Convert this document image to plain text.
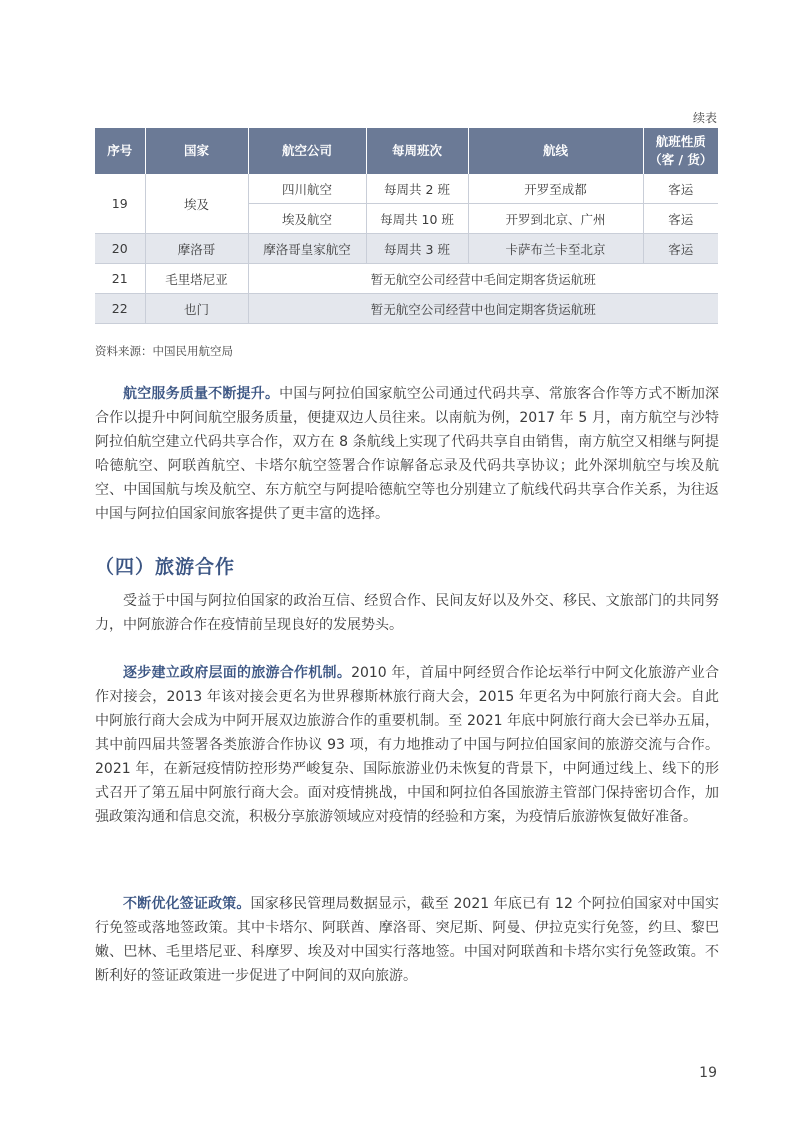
续表
序号	国家	航空公司	每周班次	航线	航班性质
（客 / 货）
19	埃及	四川航空	每周共 2 班	开罗至成都	客运
		埃及航空	每周共 10 班	开罗到北京、广州	客运
20	摩洛哥	摩洛哥皇家航空	每周共 3 班	卡萨布兰卡至北京	客运
21	毛里塔尼亚	暂无航空公司经营中毛间定期客货运航班			
22	也门	暂无航空公司经营中也间定期客货运航班			
资料来源：中国民用航空局

航空服务质量不断提升。中国与阿拉伯国家航空公司通过代码共享、常旅客合作等方式不断加深合作以提升中阿间航空服务质量，便捷双边人员往来。以南航为例，2017 年 5 月，南方航空与沙特阿拉伯航空建立代码共享合作，双方在 8 条航线上实现了代码共享自由销售，南方航空又相继与阿提哈德航空、阿联酋航空、卡塔尔航空签署合作谅解备忘录及代码共享协议；此外深圳航空与埃及航空、中国国航与埃及航空、东方航空与阿提哈德航空等也分别建立了航线代码共享合作关系，为往返中国与阿拉伯国家间旅客提供了更丰富的选择。

（四）旅游合作

受益于中国与阿拉伯国家的政治互信、经贸合作、民间友好以及外交、移民、文旅部门的共同努力，中阿旅游合作在疫情前呈现良好的发展势头。

逐步建立政府层面的旅游合作机制。2010 年，首届中阿经贸合作论坛举行中阿文化旅游产业合作对接会，2013 年该对接会更名为世界穆斯林旅行商大会，2015 年更名为中阿旅行商大会。自此中阿旅行商大会成为中阿开展双边旅游合作的重要机制。至 2021 年底中阿旅行商大会已举办五届，其中前四届共签署各类旅游合作协议 93 项，有力地推动了中国与阿拉伯国家间的旅游交流与合作。2021 年，在新冠疫情防控形势严峻复杂、国际旅游业仍未恢复的背景下，中阿通过线上、线下的形式召开了第五届中阿旅行商大会。面对疫情挑战，中国和阿拉伯各国旅游主管部门保持密切合作，加强政策沟通和信息交流，积极分享旅游领域应对疫情的经验和方案，为疫情后旅游恢复做好准备。

不断优化签证政策。国家移民管理局数据显示，截至 2021 年底已有 12 个阿拉伯国家对中国实行免签或落地签政策。其中卡塔尔、阿联酋、摩洛哥、突尼斯、阿曼、伊拉克实行免签，约旦、黎巴嫩、巴林、毛里塔尼亚、科摩罗、埃及对中国实行落地签。中国对阿联酋和卡塔尔实行免签政策。不断利好的签证政策进一步促进了中阿间的双向旅游。

19
